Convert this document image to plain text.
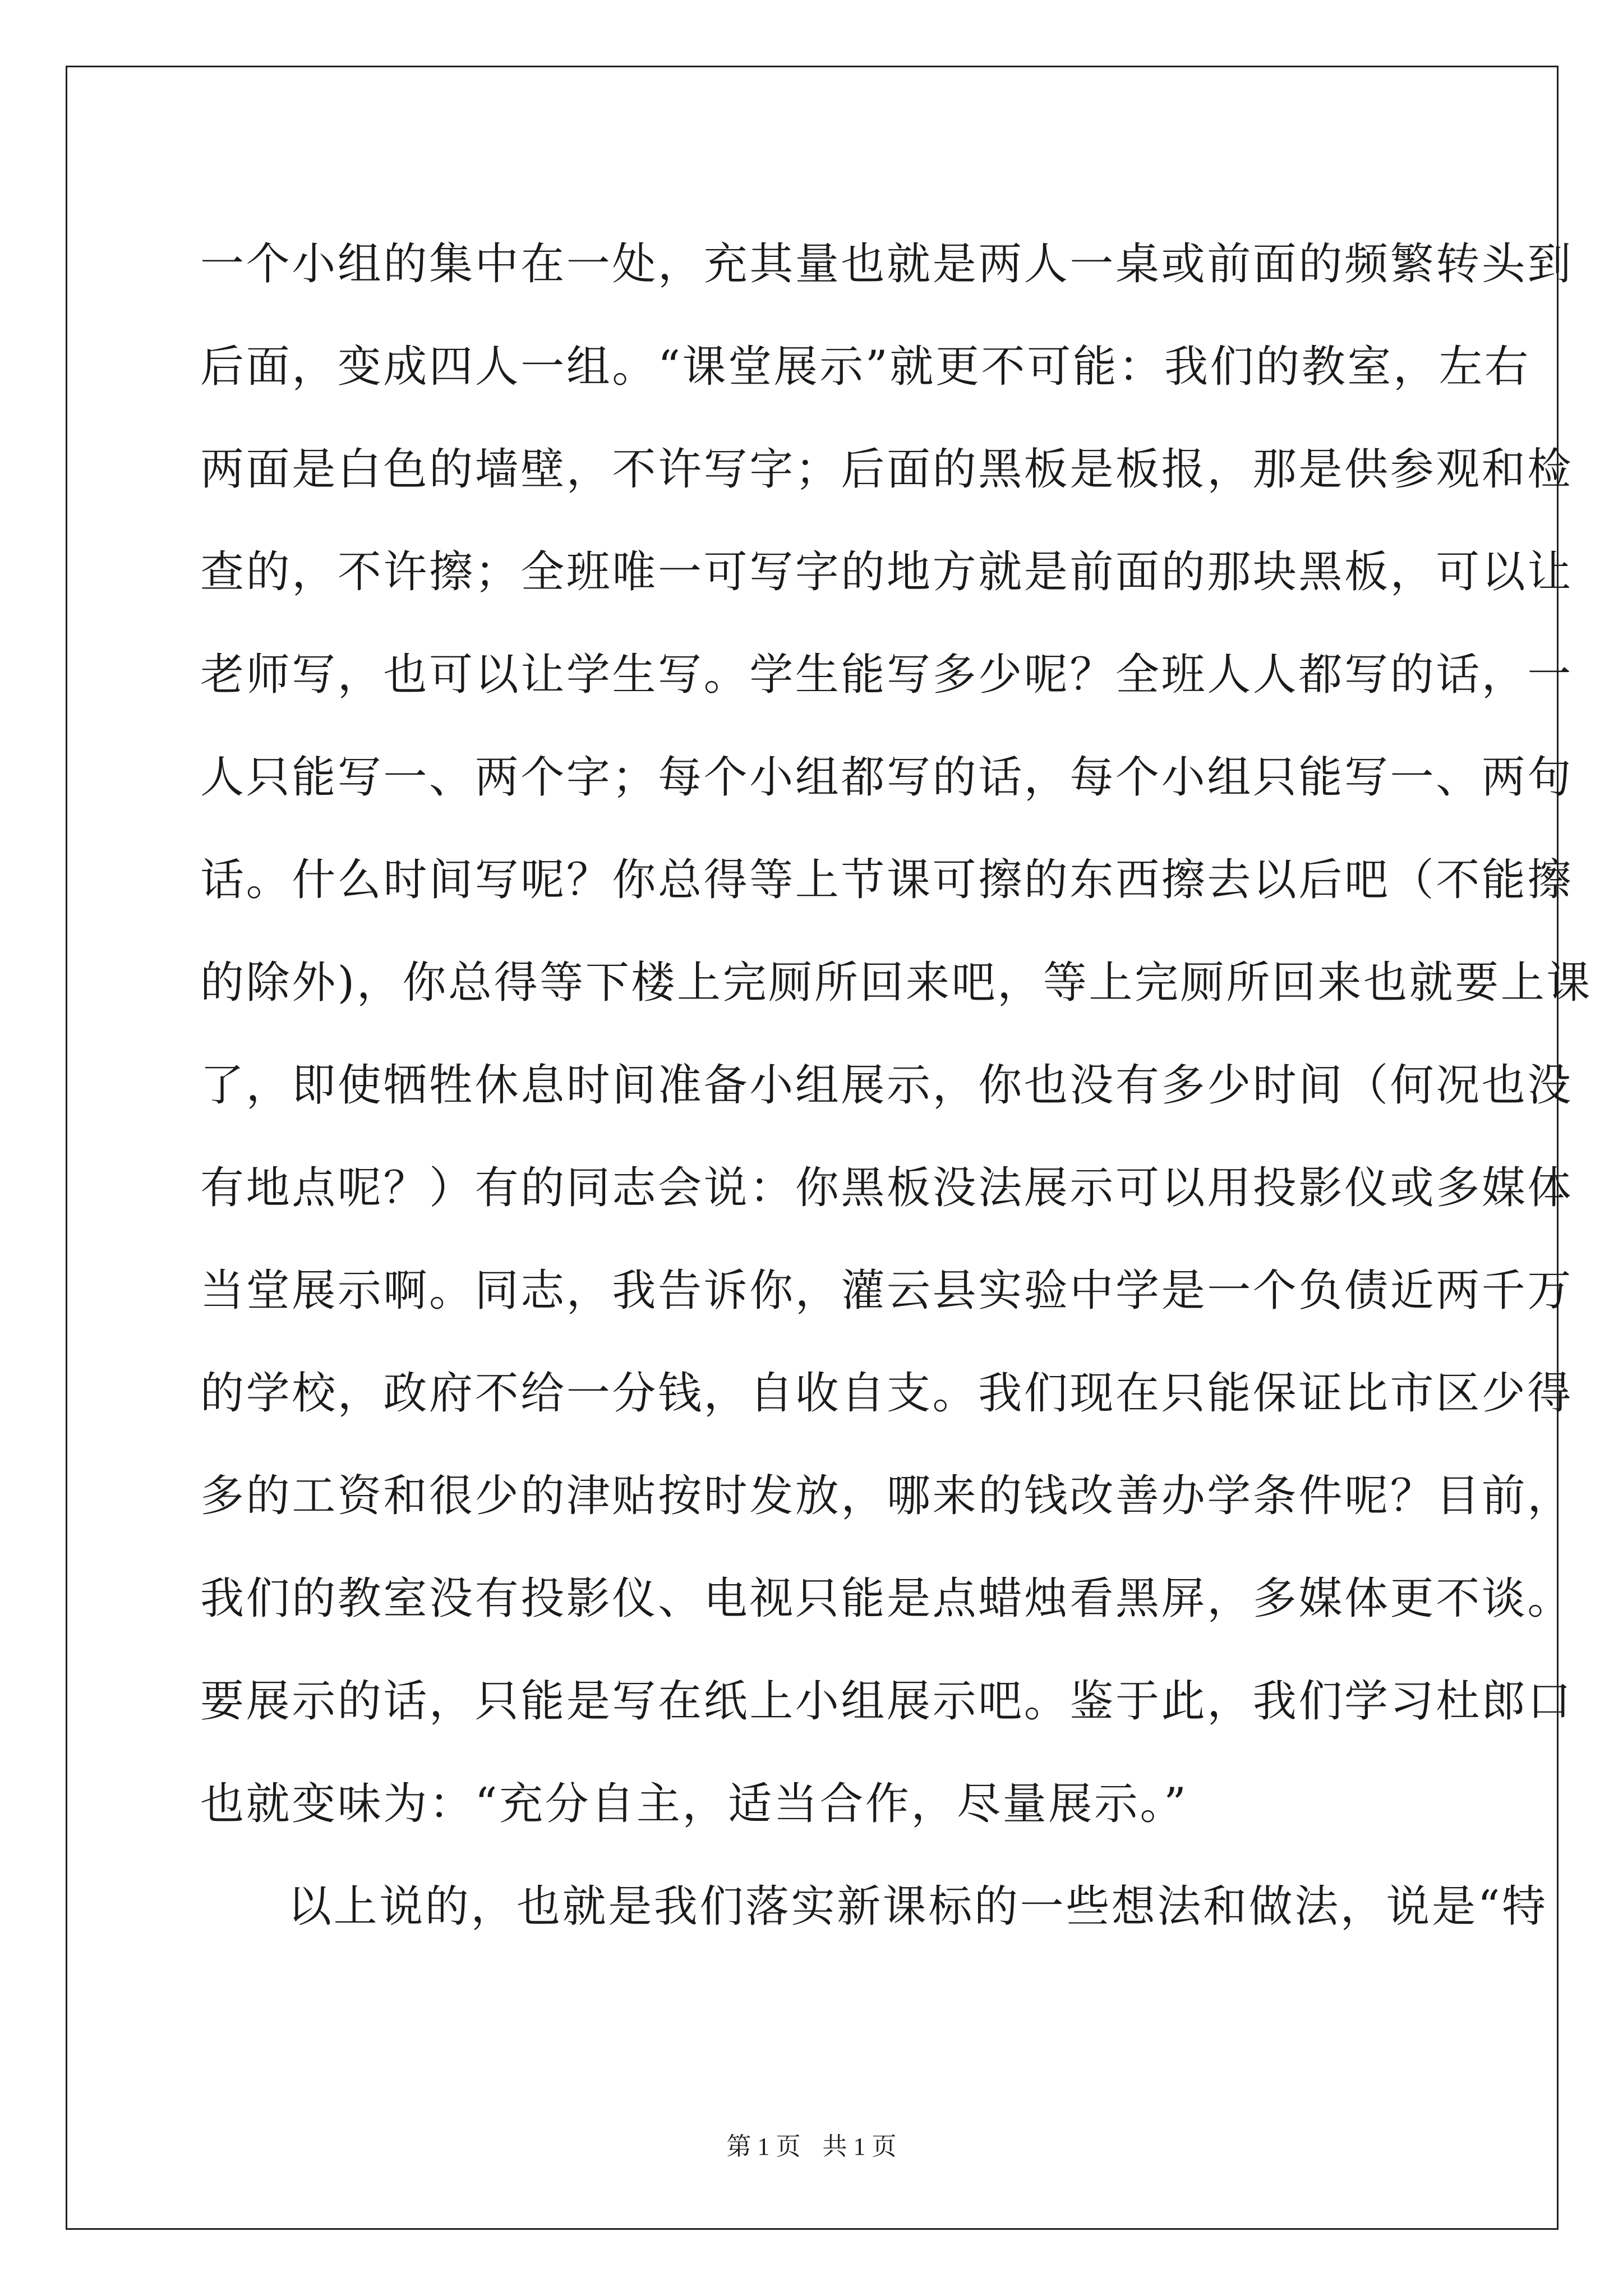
一个小组的集中在一处，充其量也就是两人一桌或前面的频繁转头到
后面，变成四人一组。“课堂展示”就更不可能：我们的教室，左右
两面是白色的墙壁，不许写字；后面的黑板是板报，那是供参观和检
查的，不许擦；全班唯一可写字的地方就是前面的那块黑板，可以让
老师写，也可以让学生写。学生能写多少呢？全班人人都写的话，一
人只能写一、两个字；每个小组都写的话，每个小组只能写一、两句
话。什么时间写呢？你总得等上节课可擦的东西擦去以后吧（不能擦
的除外)，你总得等下楼上完厕所回来吧，等上完厕所回来也就要上课
了，即使牺牲休息时间准备小组展示，你也没有多少时间（何况也没
有地点呢？）有的同志会说：你黑板没法展示可以用投影仪或多媒体
当堂展示啊。同志，我告诉你，灌云县实验中学是一个负债近两千万
的学校，政府不给一分钱，自收自支。我们现在只能保证比市区少得
多的工资和很少的津贴按时发放，哪来的钱改善办学条件呢？目前，
我们的教室没有投影仪、电视只能是点蜡烛看黑屏，多媒体更不谈。
要展示的话，只能是写在纸上小组展示吧。鉴于此，我们学习杜郎口
也就变味为：“充分自主，适当合作，尽量展示。”
以上说的，也就是我们落实新课标的一些想法和做法，说是“特
第 1 页 共 1 页
